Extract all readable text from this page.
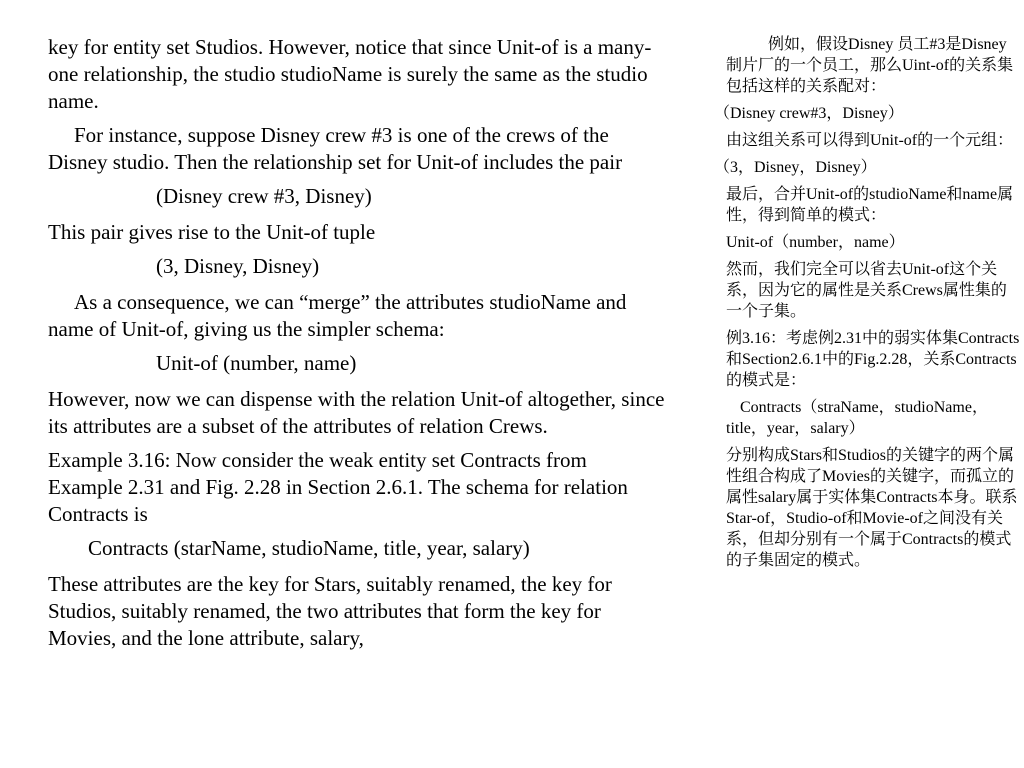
key for entity set Studios. However, notice that since Unit-of is a many-one relationship, the studio studioName is surely the same as the studio name.

For instance, suppose Disney crew #3 is one of the crews of the Disney studio. Then the relationship set for Unit-of includes the pair

(Disney crew #3, Disney)

This pair gives rise to the Unit-of tuple

(3, Disney, Disney)

As a consequence, we can “merge” the attributes studioName and name of Unit-of, giving us the simpler schema:

Unit-of (number, name)

However, now we can dispense with the relation Unit-of altogether, since its attributes are a subset of the attributes of relation Crews.

Example 3.16: Now consider the weak entity set Contracts from Example 2.31 and Fig. 2.28 in Section 2.6.1. The schema for relation Contracts is

Contracts (starName, studioName, title, year, salary)

These attributes are the key for Stars, suitably renamed, the key for Studios, suitably renamed, the two attributes that form the key for Movies, and the lone attribute, salary,

例如，假设Disney 员工#3是Disney制片厂的一个员工，那么Uint-of的关系集包括这样的关系配对：

（Disney crew#3，Disney）

由这组关系可以得到Unit-of的一个元组：

（3，Disney，Disney）

最后，合并Unit-of的studioName和name属性，得到简单的模式：

Unit-of（number，name）

然而，我们完全可以省去Unit-of这个关系，因为它的属性是关系Crews属性集的一个子集。

例3.16：考虑例2.31中的弱实体集Contracts和Section2.6.1中的Fig.2.28，关系Contracts的模式是：

Contracts（straName，studioName，title，year，salary）

分别构成Stars和Studios的关键字的两个属性组合构成了Movies的关键字，而孤立的属性salary属于实体集Contracts本身。联系Star-of，Studio-of和Movie-of之间没有关系，但却分别有一个属于Contracts的模式的子集固定的模式。
